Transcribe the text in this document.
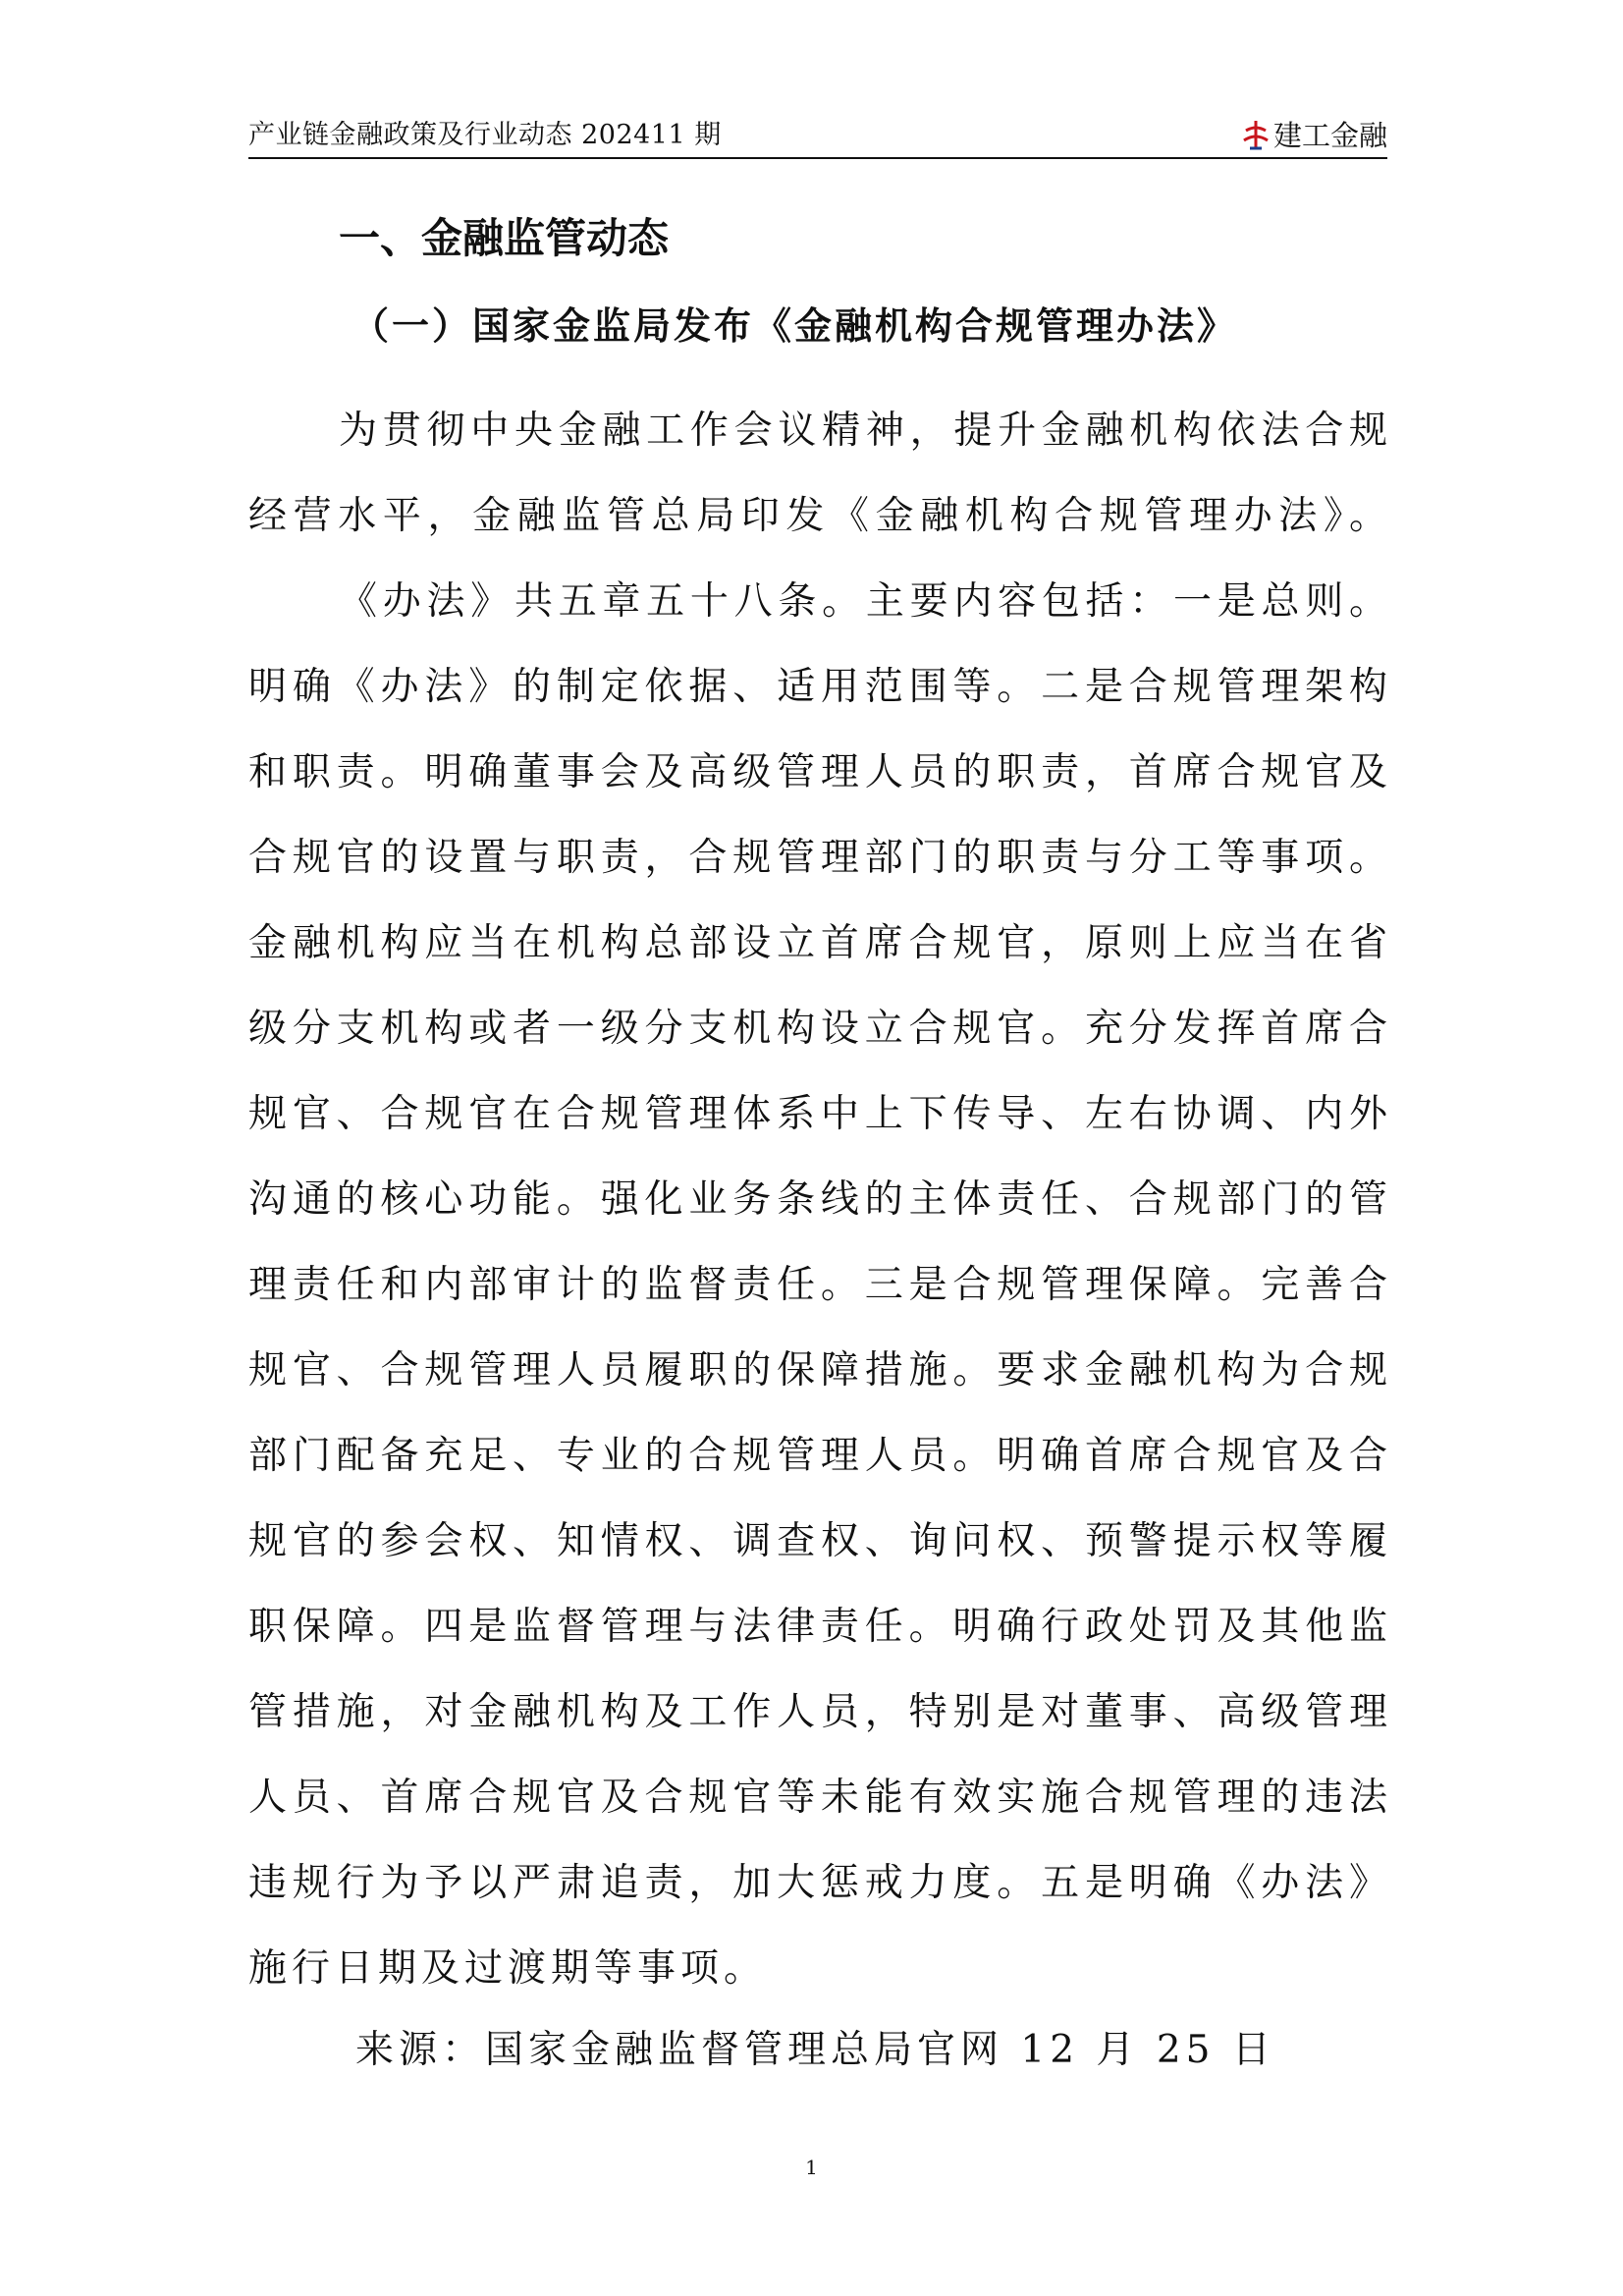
产业链金融政策及行业动态 202411 期	建工金融
一、金融监管动态
（一）国家金监局发布《金融机构合规管理办法》
为贯彻中央金融工作会议精神，提升金融机构依法合规
经营水平，金融监管总局印发《金融机构合规管理办法》。
《办法》共五章五十八条。主要内容包括：一是总则。
明确《办法》的制定依据、适用范围等。二是合规管理架构
和职责。明确董事会及高级管理人员的职责，首席合规官及
合规官的设置与职责，合规管理部门的职责与分工等事项。
金融机构应当在机构总部设立首席合规官，原则上应当在省
级分支机构或者一级分支机构设立合规官。充分发挥首席合
规官、合规官在合规管理体系中上下传导、左右协调、内外
沟通的核心功能。强化业务条线的主体责任、合规部门的管
理责任和内部审计的监督责任。三是合规管理保障。完善合
规官、合规管理人员履职的保障措施。要求金融机构为合规
部门配备充足、专业的合规管理人员。明确首席合规官及合
规官的参会权、知情权、调查权、询问权、预警提示权等履
职保障。四是监督管理与法律责任。明确行政处罚及其他监
管措施，对金融机构及工作人员，特别是对董事、高级管理
人员、首席合规官及合规官等未能有效实施合规管理的违法
违规行为予以严肃追责，加大惩戒力度。五是明确《办法》
施行日期及过渡期等事项。
来源：国家金融监督管理总局官网 12 月 25 日
1
